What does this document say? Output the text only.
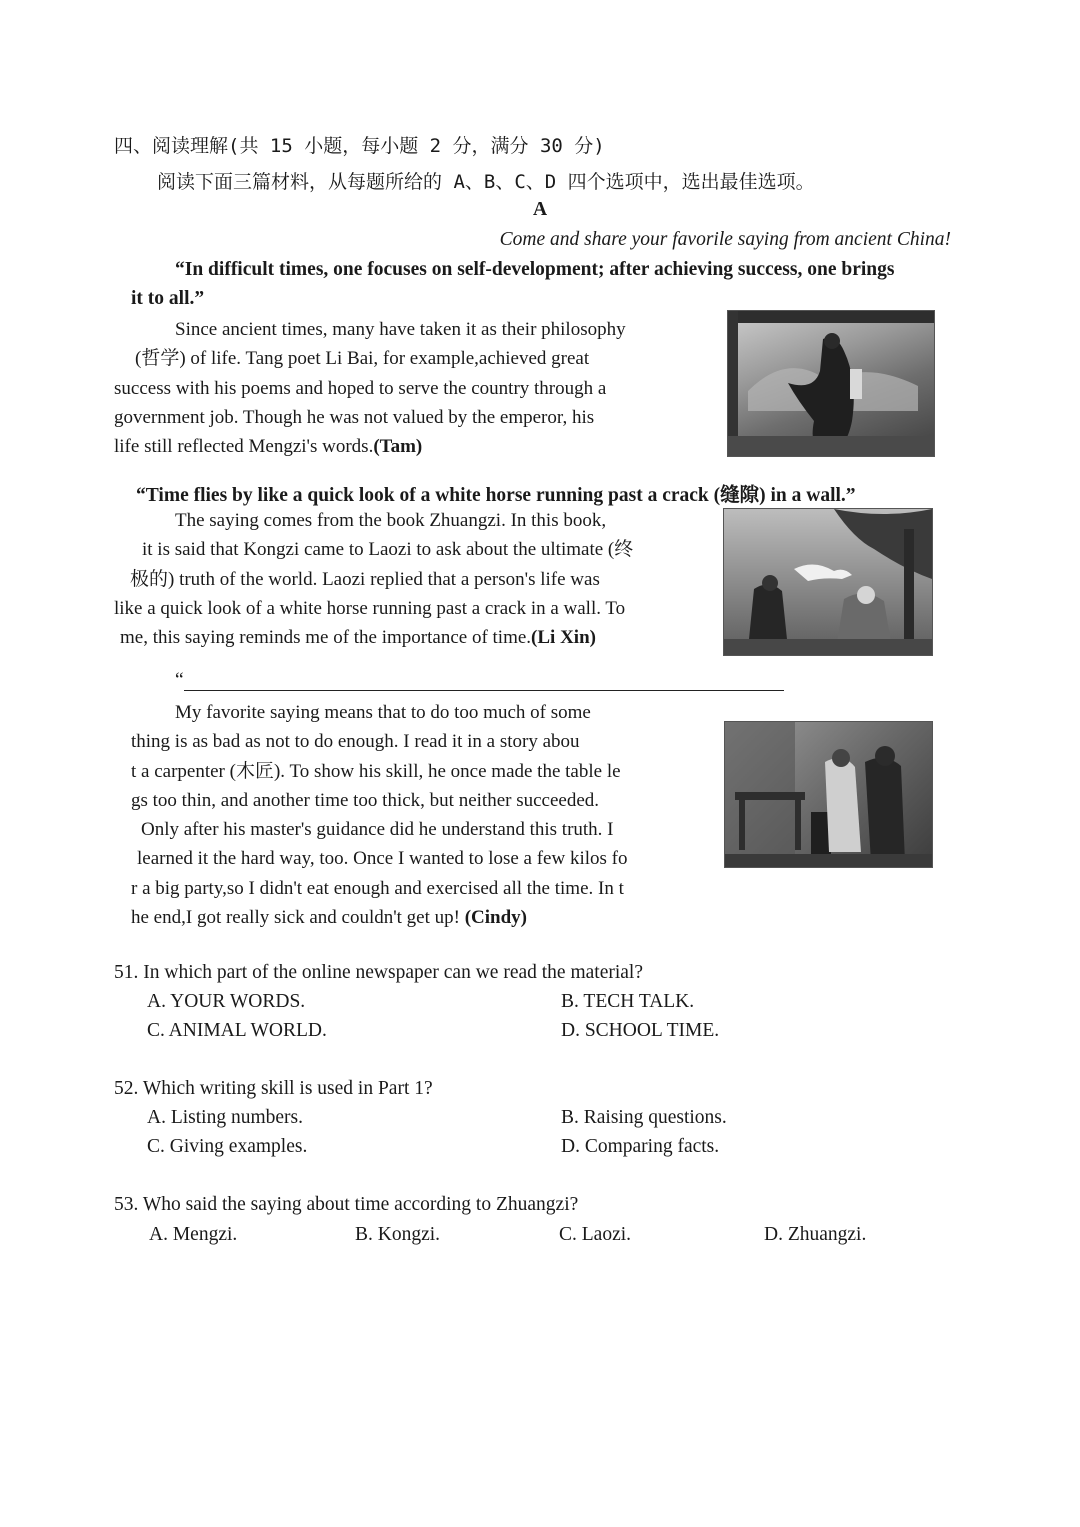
四、阅读理解(共 15 小题，每小题 2 分，满分 30 分)
阅读下面三篇材料，从每题所给的 A、B、C、D 四个选项中，选出最佳选项。
A
Come and share your favorile saying from ancient China!
“In difficult times, one focuses on self-development; after achieving success, one brings
it to all.”
Since ancient times, many have taken it as their philosophy
(哲学) of life. Tang poet Li Bai, for example,achieved great
success with his poems and hoped to serve the country through a
government job. Though he was not valued by the emperor, his
life still reflected Mengzi's words.(Tam)
“Time flies by like a quick look of a white horse running past a crack (缝隙) in a wall.”
The saying comes from the book Zhuangzi. In this book,
it is said that Kongzi came to Laozi to ask about the ultimate (终
极的) truth of the world. Laozi replied that a person's life was
like a quick look of a white horse running past a crack in a wall. To
me, this saying reminds me of the importance of time.(Li Xin)
“
My favorite saying means that to do too much of some
thing is as bad as not to do enough. I read it in a story abou
t a carpenter (木匠). To show his skill, he once made the table le
gs too thin, and another time too thick, but neither succeeded.
Only after his master's guidance did he understand this truth. I
learned it the hard way, too. Once I wanted to lose a few kilos fo
r a big party,so I didn't eat enough and exercised all the time. In t
he end,I got really sick and couldn't get up! (Cindy)
51. In which part of the online newspaper can we read the material?
A. YOUR WORDS.	B. TECH TALK.
C. ANIMAL WORLD.	D. SCHOOL TIME.
52. Which writing skill is used in Part 1?
A. Listing numbers.	B. Raising questions.
C. Giving examples.	D. Comparing facts.
53. Who said the saying about time according to Zhuangzi?
A. Mengzi.	B. Kongzi.	C. Laozi.	D. Zhuangzi.
